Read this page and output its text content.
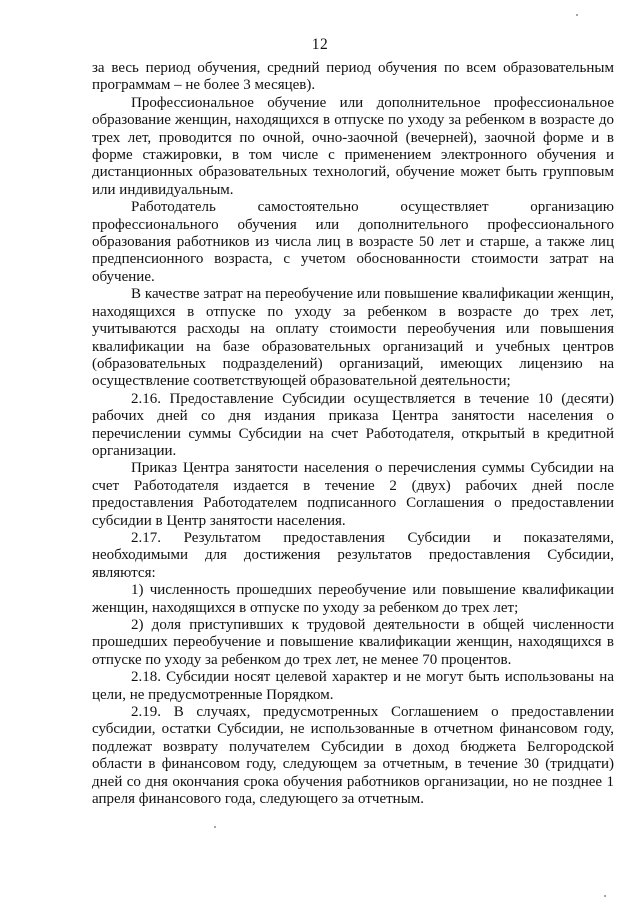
12

за весь период обучения, средний период обучения по всем образовательным программам – не более 3 месяцев).

Профессиональное обучение или дополнительное профессиональное образование женщин, находящихся в отпуске по уходу за ребенком в возрасте до трех лет, проводится по очной, очно-заочной (вечерней), заочной форме и в форме стажировки, в том числе с применением электронного обучения и дистанционных образовательных технологий, обучение может быть групповым или индивидуальным.

Работодатель самостоятельно осуществляет организацию профессионального обучения или дополнительного профессионального образования работников из числа лиц в возрасте 50 лет и старше, а также лиц предпенсионного возраста, с учетом обоснованности стоимости затрат на обучение.

В качестве затрат на переобучение или повышение квалификации женщин, находящихся в отпуске по уходу за ребенком в возрасте до трех лет, учитываются расходы на оплату стоимости переобучения или повышения квалификации на базе образовательных организаций и учебных центров (образовательных подразделений) организаций, имеющих лицензию на осуществление соответствующей образовательной деятельности;

2.16. Предоставление Субсидии осуществляется в течение 10 (десяти) рабочих дней со дня издания приказа Центра занятости населения о перечислении суммы Субсидии на счет Работодателя, открытый в кредитной организации.

Приказ Центра занятости населения о перечисления суммы Субсидии на счет Работодателя издается в течение 2 (двух) рабочих дней после предоставления Работодателем подписанного Соглашения о предоставлении субсидии в Центр занятости населения.

2.17. Результатом предоставления Субсидии и показателями, необходимыми для достижения результатов предоставления Субсидии, являются:

1) численность прошедших переобучение или повышение квалификации женщин, находящихся в отпуске по уходу за ребенком до трех лет;

2) доля приступивших к трудовой деятельности в общей численности прошедших переобучение и повышение квалификации женщин, находящихся в отпуске по уходу за ребенком до трех лет, не менее 70 процентов.

2.18. Субсидии носят целевой характер и не могут быть использованы на цели, не предусмотренные Порядком.

2.19. В случаях, предусмотренных Соглашением о предоставлении субсидии, остатки Субсидии, не использованные в отчетном финансовом году, подлежат возврату получателем Субсидии в доход бюджета Белгородской области в финансовом году, следующем за отчетным, в течение 30 (тридцати) дней со дня окончания срока обучения работников организации, но не позднее 1 апреля финансового года, следующего за отчетным.
